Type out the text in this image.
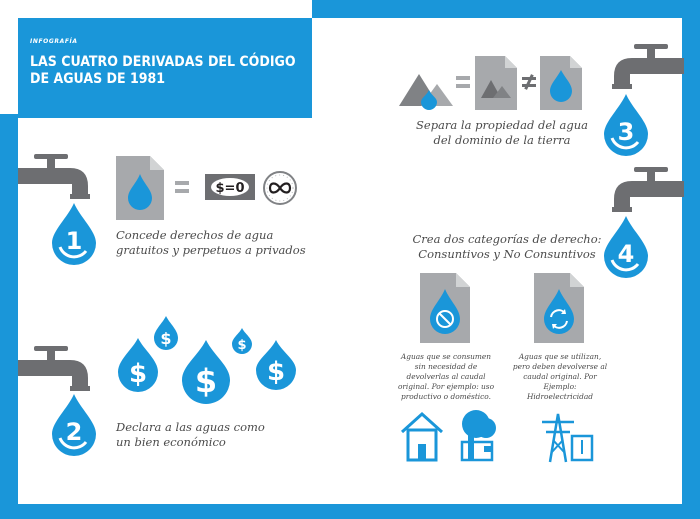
INFOGRAFÍA
LAS CUATRO DERIVADAS DEL CÓDIGO DE AGUAS DE 1981
1
$=0
Concede derechos de agua gratuitos y perpetuos a privados
2
$
$
$
$
$
Declara a las aguas como un bien económico
Separa la propiedad del agua del dominio de la tierra	3
4
Crea dos categorías de derecho: Consuntivos y No Consuntivos
Aguas que se consumen sin necesidad de devolverlas al caudal original. Por ejemplo: uso productivo o doméstico.
Aguas que se utilizan, pero deben devolverse al caudal original. Por Ejemplo: Hidroelectricidad
